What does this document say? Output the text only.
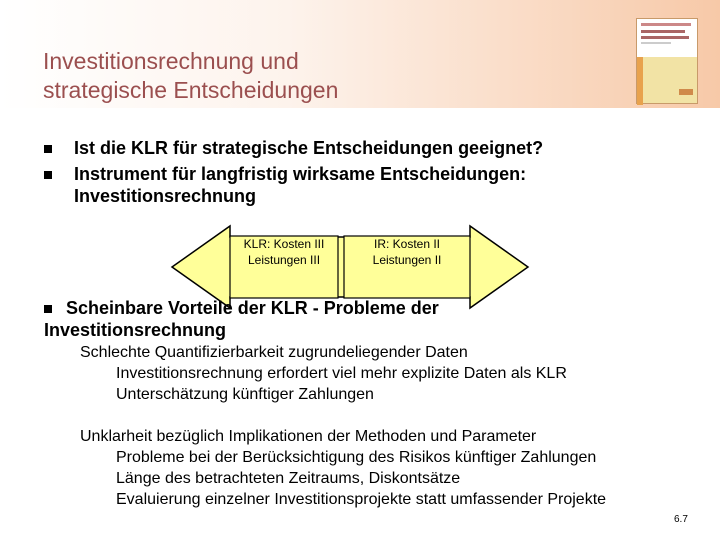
Investitionsrechnung und
strategische Entscheidungen
Ist die KLR für strategische Entscheidungen geeignet?
Instrument für langfristig wirksame Entscheidungen:
Investitionsrechnung
KLR: Kosten III
Leistungen III
IR: Kosten II
Leistungen II
Scheinbare Vorteile der KLR - Probleme der
Investitionsrechnung
Schlechte Quantifizierbarkeit zugrundeliegender Daten
Investitionsrechnung erfordert viel mehr explizite Daten als KLR
Unterschätzung künftiger Zahlungen
Unklarheit bezüglich Implikationen der Methoden und Parameter
Probleme bei der Berücksichtigung des Risikos künftiger Zahlungen
Länge des betrachteten Zeitraums, Diskontsätze
Evaluierung einzelner Investitionsprojekte statt umfassender Projekte
6.7
